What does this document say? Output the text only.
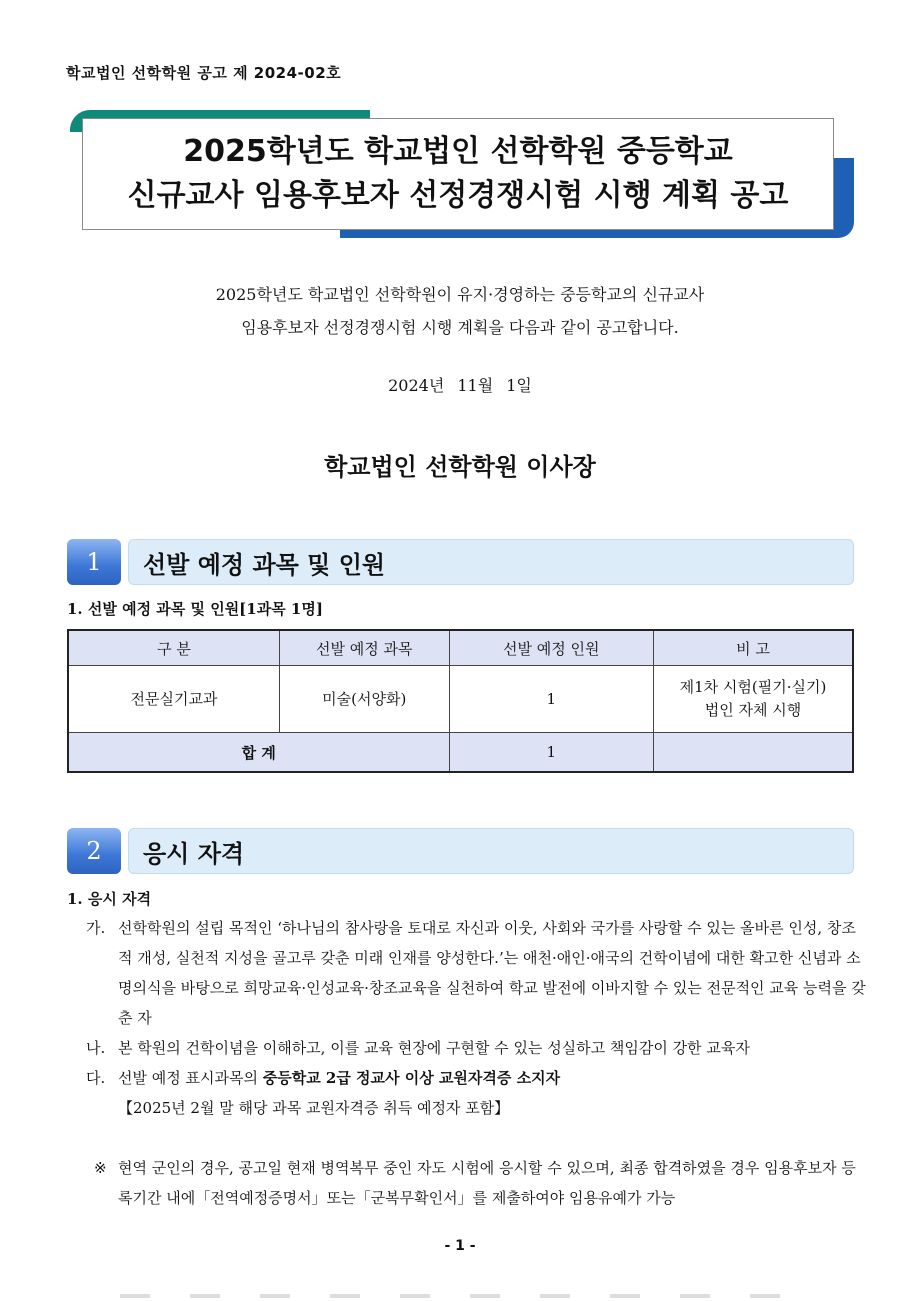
학교법인 선학학원 공고 제 2024-02호
2025학년도 학교법인 선학학원 중등학교
신규교사 임용후보자 선정경쟁시험 시행 계획 공고
2025학년도 학교법인 선학학원이 유지·경영하는 중등학교의 신규교사
임용후보자 선정경쟁시험 시행 계획을 다음과 같이 공고합니다.
2024년 11월 1일
학교법인 선학학원 이사장
1	선발 예정 과목 및 인원
1. 선발 예정 과목 및 인원[1과목 1명]
구 분	선발 예정 과목	선발 예정 인원	비 고
전문실기교과	미술(서양화)	1	제1차 시험(필기·실기)
법인 자체 시행

합 계		1	
2	응시 자격
1. 응시 자격
가. 선학학원의 설립 목적인 ‘하나님의 참사랑을 토대로 자신과 이웃, 사회와 국가를 사랑할 수 있는 올바른 인성, 창조적 개성, 실천적 지성을 골고루 갖춘 미래 인재를 양성한다.’는 애천·애인·애국의 건학이념에 대한 확고한 신념과 소명의식을 바탕으로 희망교육·인성교육·창조교육을 실천하여 학교 발전에 이바지할 수 있는 전문적인 교육 능력을 갖춘 자
나. 본 학원의 건학이념을 이해하고, 이를 교육 현장에 구현할 수 있는 성실하고 책임감이 강한 교육자
다. 선발 예정 표시과목의 중등학교 2급 정교사 이상 교원자격증 소지자
【2025년 2월 말 해당 과목 교원자격증 취득 예정자 포함】
※ 현역 군인의 경우, 공고일 현재 병역복무 중인 자도 시험에 응시할 수 있으며, 최종 합격하였을 경우 임용후보자 등록기간 내에「전역예정증명서」또는「군복무확인서」를 제출하여야 임용유예가 가능
- 1 -
